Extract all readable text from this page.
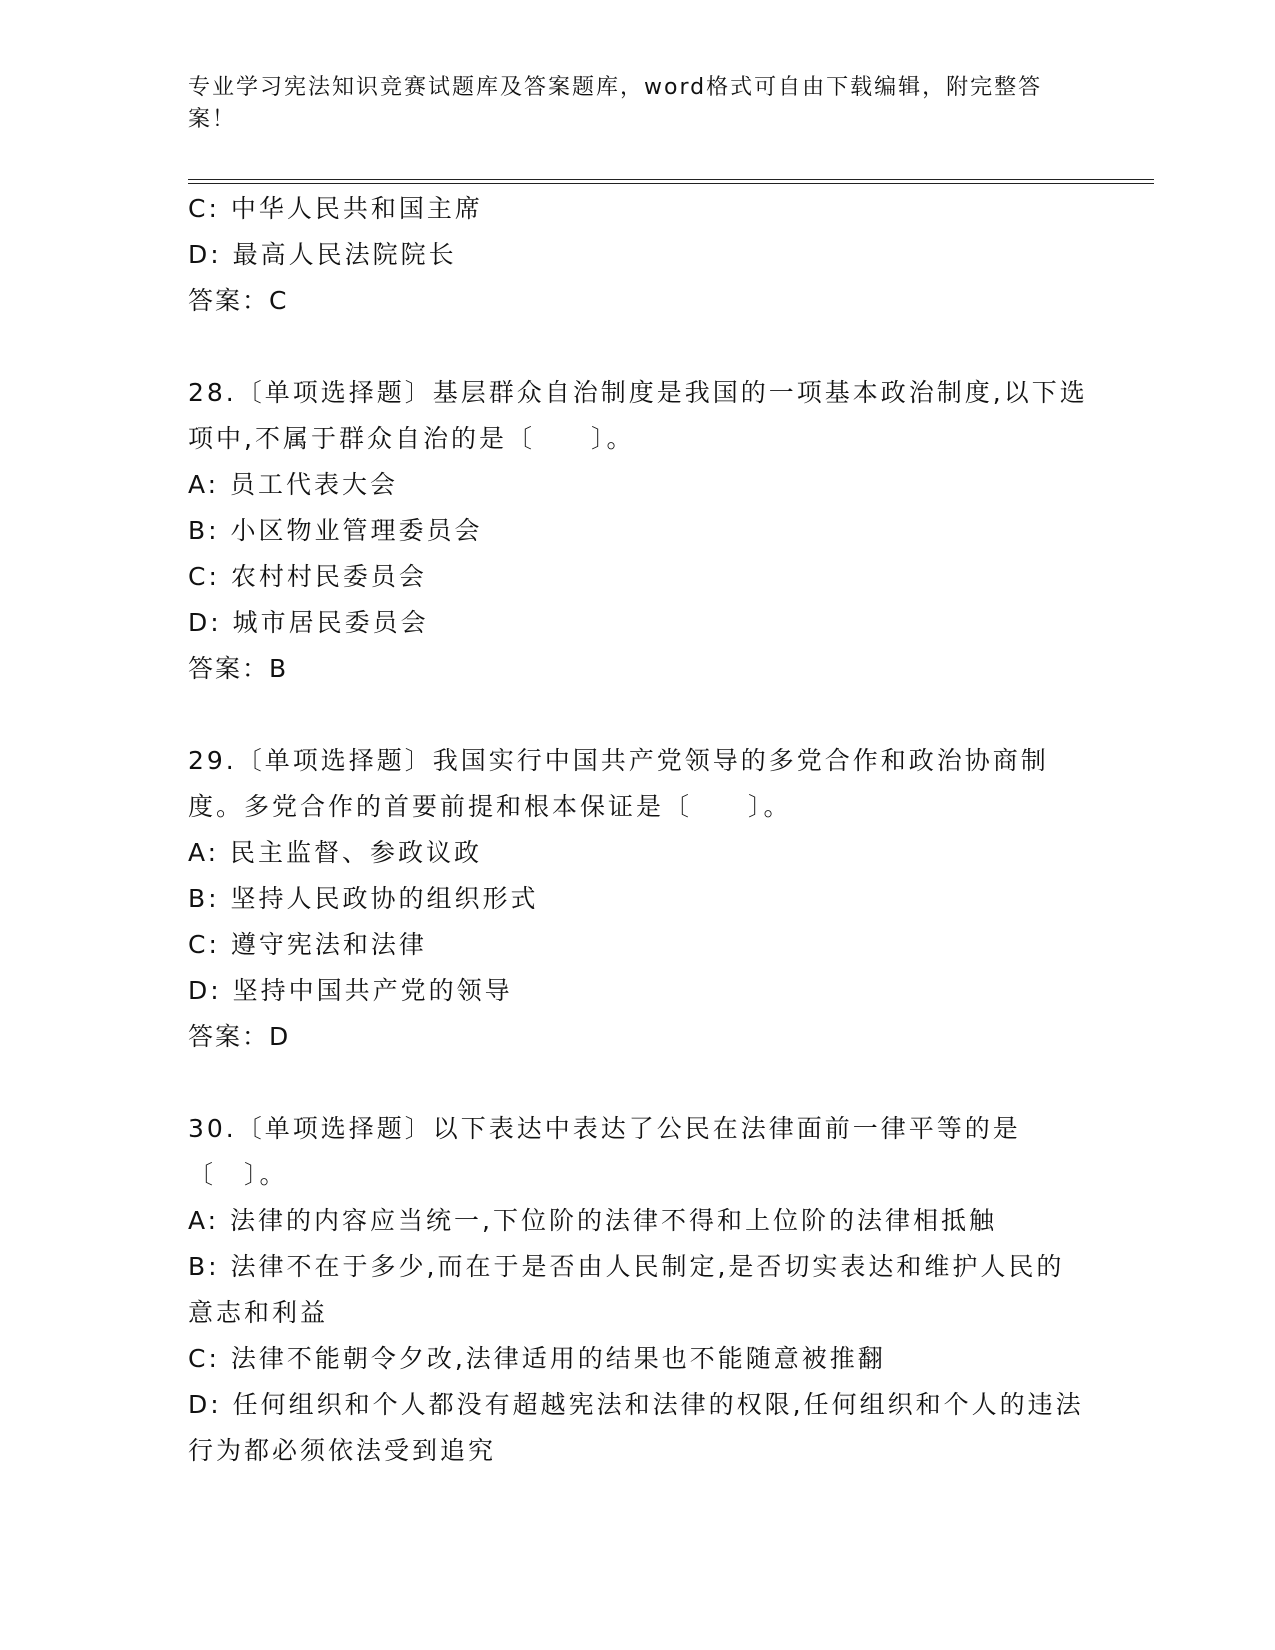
专业学习宪法知识竞赛试题库及答案题库，word格式可自由下载编辑，附完整答案！
C: 中华人民共和国主席
D: 最高人民法院院长
答案：C
28.〔单项选择题〕基层群众自治制度是我国的一项基本政治制度,以下选项中,不属于群众自治的是〔　　〕。
A: 员工代表大会
B: 小区物业管理委员会
C: 农村村民委员会
D: 城市居民委员会
答案：B
29.〔单项选择题〕我国实行中国共产党领导的多党合作和政治协商制度。多党合作的首要前提和根本保证是〔　　〕。
A: 民主监督、参政议政
B: 坚持人民政协的组织形式
C: 遵守宪法和法律
D: 坚持中国共产党的领导
答案：D
30.〔单项选择题〕以下表达中表达了公民在法律面前一律平等的是〔　〕。
A: 法律的内容应当统一,下位阶的法律不得和上位阶的法律相抵触
B: 法律不在于多少,而在于是否由人民制定,是否切实表达和维护人民的意志和利益
C: 法律不能朝令夕改,法律适用的结果也不能随意被推翻
D: 任何组织和个人都没有超越宪法和法律的权限,任何组织和个人的违法行为都必须依法受到追究
